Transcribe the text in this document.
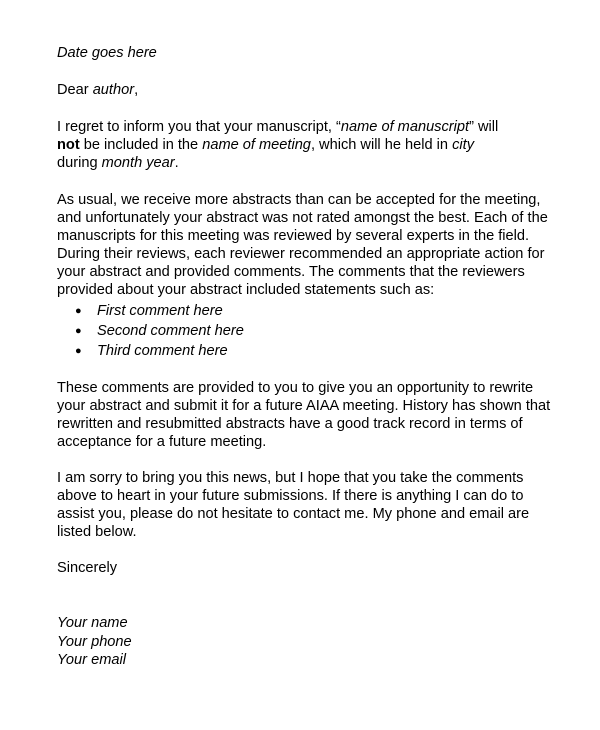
Date goes here

Dear author,

I regret to inform you that your manuscript, “name of manuscript” will
not be included in the name of meeting, which will he held in city
during month year.

As usual, we receive more abstracts than can be accepted for the meeting, and unfortunately your abstract was not rated amongst the best. Each of the manuscripts for this meeting was reviewed by several experts in the field. During their reviews, each reviewer recommended an appropriate action for your abstract and provided comments. The comments that the reviewers provided about your abstract included statements such as:

● First comment here
● Second comment here
● Third comment here

These comments are provided to you to give you an opportunity to rewrite your abstract and submit it for a future AIAA meeting. History has shown that rewritten and resubmitted abstracts have a good track record in terms of acceptance for a future meeting.

I am sorry to bring you this news, but I hope that you take the comments above to heart in your future submissions. If there is anything I can do to assist you, please do not hesitate to contact me. My phone and email are listed below.

Sincerely

Your name
Your phone
Your email
